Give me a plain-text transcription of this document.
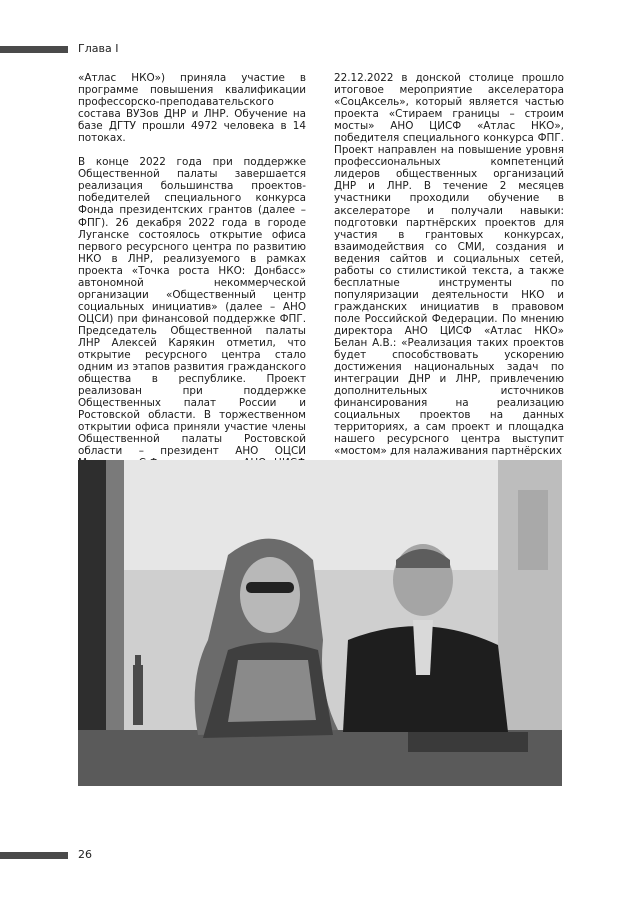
Глава I

«Атлас НКО») приняла участие в программе повышения квалификации профессорско-преподавательского состава ВУЗов ДНР и ЛНР. Обучение на базе ДГТУ прошли 4972 человека в 14 потоках.

В конце 2022 года при поддержке Общественной палаты завершается реализация большинства проектов-победителей специального конкурса Фонда президентских грантов (далее – ФПГ). 26 декабря 2022 года в городе Луганске состоялось открытие офиса первого ресурсного центра по развитию НКО в ЛНР, реализуемого в рамках проекта «Точка роста НКО: Донбасс» автономной некоммерческой организации «Общественный центр социальных инициатив» (далее – АНО ОЦСИ) при финансовой поддержке ФПГ. Председатель Общественной палаты ЛНР Алексей Карякин отметил, что открытие ресурсного центра стало одним из этапов развития гражданского общества в республике. Проект реализован при поддержке Общественных палат России и Ростовской области. В торжественном открытии офиса приняли участие члены Общественной палаты Ростовской области – президент АНО ОЦСИ

22.12.2022 в донской столице прошло итоговое мероприятие акселератора «СоцАксель», который является частью проекта «Стираем границы – строим мосты» АНО ЦИСФ «Атлас НКО», победителя специального конкурса ФПГ. Проект направлен на повышение уровня профессиональных компетенций лидеров общественных организаций ДНР и ЛНР. В течение 2 месяцев участники проходили обучение в акселераторе и получали навыки: подготовки партнёрских проектов для участия в грантовых конкурсах, взаимодействия со СМИ, создания и ведения сайтов и социальных сетей, работы со стилистикой текста, а также бесплатные инструменты по популяризации деятельности НКО и гражданских инициатив в правовом поле Российской Федерации. По мнению директора АНО ЦИСФ «Атлас НКО» Белан А.В.: «Реализация таких проектов будет способствовать ускорению достижения национальных задач по интеграции ДНР и ЛНР, привлечению дополнительных источников финансирования на реализацию социальных проектов на данных территориях, а сам проект и площадка нашего ресурсного центра выступит «мостом» для налаживания партнёрских

26
